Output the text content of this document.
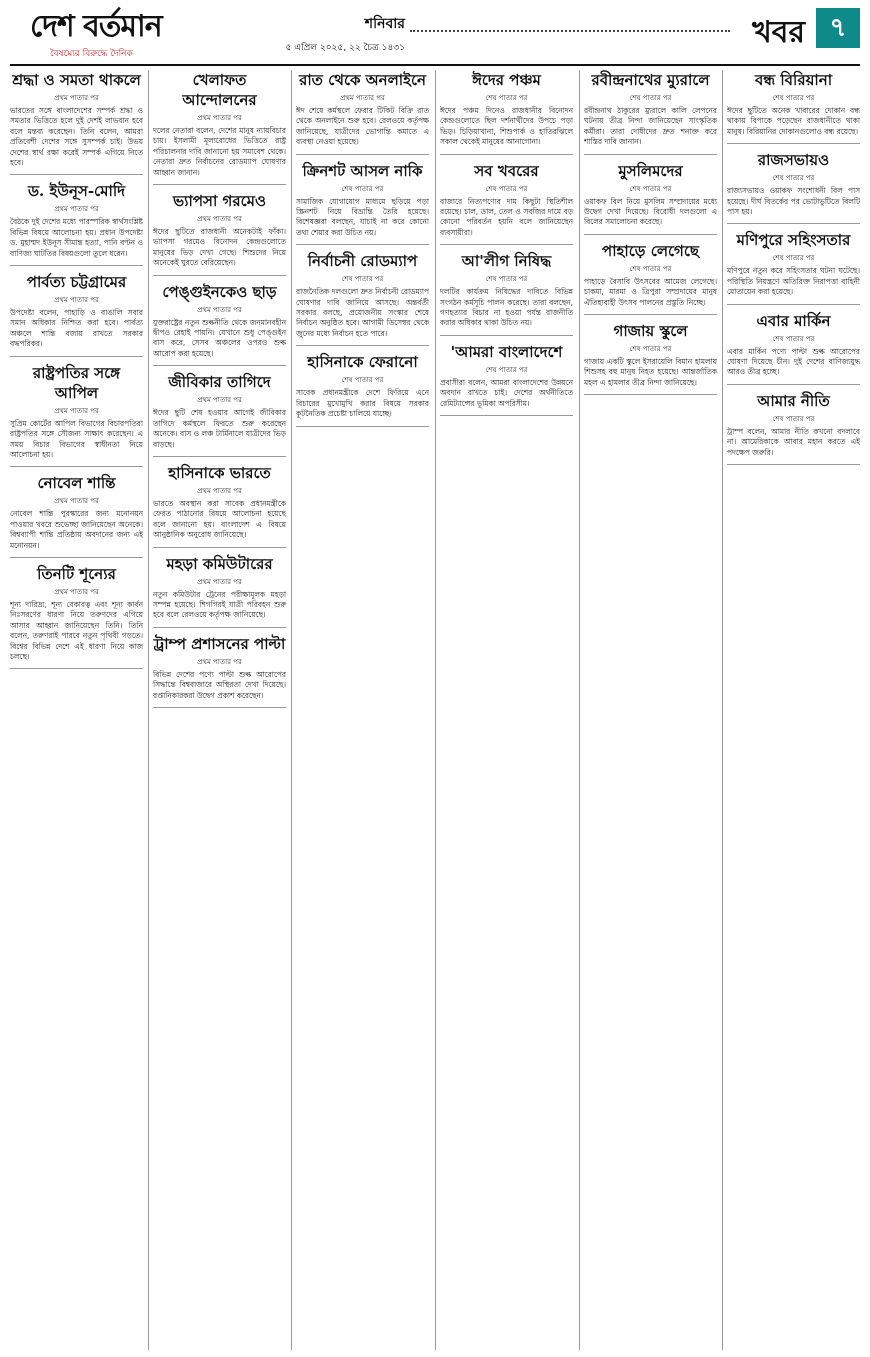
দেশ বর্তমান
বৈষম্যের বিরুদ্ধে দৈনিক
শনিবার
৫ এপ্রিল ২০২৫, ২২ চৈত্র ১৪৩১	খবর ৭
শ্রদ্ধা ও সমতা থাকলে
প্রথম পাতার পর
ভারতের সঙ্গে বাংলাদেশের সম্পর্ক শ্রদ্ধা ও সমতার ভিত্তিতে হলে দুই দেশই লাভবান হবে বলে মন্তব্য করেছেন। তিনি বলেন, আমরা প্রতিবেশী দেশের সঙ্গে সুসম্পর্ক চাই। উভয় দেশের স্বার্থ রক্ষা করেই সম্পর্ক এগিয়ে নিতে হবে।
ড. ইউনূস-মোদি
প্রথম পাতার পর
বৈঠকে দুই দেশের মধ্যে পারস্পরিক স্বার্থসংশ্লিষ্ট বিভিন্ন বিষয়ে আলোচনা হয়। প্রধান উপদেষ্টা ড. মুহাম্মদ ইউনূস সীমান্ত হত্যা, পানি বণ্টন ও বাণিজ্য ঘাটতির বিষয়গুলো তুলে ধরেন।
পার্বত্য চট্টগ্রামের
প্রথম পাতার পর
উপদেষ্টা বলেন, পাহাড়ি ও বাঙালি সবার সমান অধিকার নিশ্চিত করা হবে। পার্বত্য অঞ্চলে শান্তি বজায় রাখতে সরকার বদ্ধপরিকর।
রাষ্ট্রপতির সঙ্গে আপিল
প্রথম পাতার পর
সুপ্রিম কোর্টের আপিল বিভাগের বিচারপতিরা রাষ্ট্রপতির সঙ্গে সৌজন্য সাক্ষাৎ করেছেন। এ সময় বিচার বিভাগের স্বাধীনতা নিয়ে আলোচনা হয়।
নোবেল শান্তি
প্রথম পাতার পর
নোবেল শান্তি পুরস্কারের জন্য মনোনয়ন পাওয়ার খবরে শুভেচ্ছা জানিয়েছেন অনেকে। বিশ্বব্যাপী শান্তি প্রতিষ্ঠায় অবদানের জন্য এই মনোনয়ন।
তিনটি শূন্যের
প্রথম পাতার পর
শূন্য দারিদ্র্য, শূন্য বেকারত্ব এবং শূন্য কার্বন নিঃসরণের ধারণা নিয়ে তরুণদের এগিয়ে আসার আহ্বান জানিয়েছেন তিনি। তিনি বলেন, তরুণরাই পারবে নতুন পৃথিবী গড়তে। বিশ্বের বিভিন্ন দেশে এই ধারণা নিয়ে কাজ চলছে।
খেলাফত আন্দোলনের
প্রথম পাতার পর
দলের নেতারা বলেন, দেশের মানুষ ন্যায়বিচার চায়। ইসলামী মূল্যবোধের ভিত্তিতে রাষ্ট্র পরিচালনার দাবি জানানো হয় সমাবেশ থেকে। নেতারা দ্রুত নির্বাচনের রোডম্যাপ ঘোষণার আহ্বান জানান।
ভ্যাপসা গরমেও
প্রথম পাতার পর
ঈদের ছুটিতে রাজধানী অনেকটাই ফাঁকা। ভ্যাপসা গরমেও বিনোদন কেন্দ্রগুলোতে মানুষের ভিড় দেখা গেছে। শিশুদের নিয়ে অনেকেই ঘুরতে বেরিয়েছেন।
পেঙ্গুইনকেও ছাড়
প্রথম পাতার পর
যুক্তরাষ্ট্রের নতুন শুল্কনীতি থেকে জনমানবহীন দ্বীপও রেহাই পায়নি। যেখানে শুধু পেঙ্গুইন বাস করে, সেসব অঞ্চলের ওপরও শুল্ক আরোপ করা হয়েছে।
জীবিকার তাগিদে
প্রথম পাতার পর
ঈদের ছুটি শেষ হওয়ার আগেই জীবিকার তাগিদে কর্মস্থলে ফিরতে শুরু করেছেন অনেকে। বাস ও লঞ্চ টার্মিনালে যাত্রীদের ভিড় বাড়ছে।
হাসিনাকে ভারতে
প্রথম পাতার পর
ভারতে অবস্থান করা সাবেক প্রধানমন্ত্রীকে ফেরত পাঠানোর বিষয়ে আলোচনা হয়েছে বলে জানানো হয়। বাংলাদেশ এ বিষয়ে আনুষ্ঠানিক অনুরোধ জানিয়েছে।
মহড়া কমিউটারের
প্রথম পাতার পর
নতুন কমিউটার ট্রেনের পরীক্ষামূলক মহড়া সম্পন্ন হয়েছে। শিগগিরই যাত্রী পরিবহন শুরু হবে বলে রেলওয়ে কর্তৃপক্ষ জানিয়েছে।
ট্রাম্প প্রশাসনের পাল্টা
প্রথম পাতার পর
বিভিন্ন দেশের পণ্যে পাল্টা শুল্ক আরোপের সিদ্ধান্তে বিশ্ববাজারে অস্থিরতা দেখা দিয়েছে। রপ্তানিকারকরা উদ্বেগ প্রকাশ করেছেন।
রাত থেকে অনলাইনে
প্রথম পাতার পর
ঈদ শেষে কর্মস্থলে ফেরার টিকিট বিক্রি রাত থেকে অনলাইনে শুরু হবে। রেলওয়ে কর্তৃপক্ষ জানিয়েছে, যাত্রীদের ভোগান্তি কমাতে এ ব্যবস্থা নেওয়া হয়েছে।
ক্রিনশট আসল নাকি
শেষ পাতার পর
সামাজিক যোগাযোগ মাধ্যমে ছড়িয়ে পড়া স্ক্রিনশট নিয়ে বিভ্রান্তি তৈরি হয়েছে। বিশেষজ্ঞরা বলছেন, যাচাই না করে কোনো তথ্য শেয়ার করা উচিত নয়।
নির্বাচনী রোডম্যাপ
শেষ পাতার পর
রাজনৈতিক দলগুলো দ্রুত নির্বাচনী রোডম্যাপ ঘোষণার দাবি জানিয়ে আসছে। অন্তর্বর্তী সরকার বলছে, প্রয়োজনীয় সংস্কার শেষে নির্বাচন অনুষ্ঠিত হবে। আগামী ডিসেম্বর থেকে জুনের মধ্যে নির্বাচন হতে পারে।
হাসিনাকে ফেরানো
শেষ পাতার পর
সাবেক প্রধানমন্ত্রীকে দেশে ফিরিয়ে এনে বিচারের মুখোমুখি করার বিষয়ে সরকার কূটনৈতিক প্রচেষ্টা চালিয়ে যাচ্ছে।
ঈদের পঞ্চম
শেষ পাতার পর
ঈদের পঞ্চম দিনেও রাজধানীর বিনোদন কেন্দ্রগুলোতে ছিল দর্শনার্থীদের উপচে পড়া ভিড়। চিড়িয়াখানা, শিশুপার্ক ও হাতিরঝিলে সকাল থেকেই মানুষের আনাগোনা।
সব খবরের
শেষ পাতার পর
বাজারে নিত্যপণ্যের দাম কিছুটা স্থিতিশীল রয়েছে। চাল, ডাল, তেল ও সবজির দামে বড় কোনো পরিবর্তন হয়নি বলে জানিয়েছেন ব্যবসায়ীরা।
আ'লীগ নিষিদ্ধ
শেষ পাতার পর
দলটির কার্যক্রম নিষিদ্ধের দাবিতে বিভিন্ন সংগঠন কর্মসূচি পালন করেছে। তারা বলছেন, গণহত্যার বিচার না হওয়া পর্যন্ত রাজনীতি করার অধিকার থাকা উচিত নয়।
'আমরা বাংলাদেশে
শেষ পাতার পর
প্রবাসীরা বলেন, আমরা বাংলাদেশের উন্নয়নে অবদান রাখতে চাই। দেশের অর্থনীতিতে রেমিট্যান্সের ভূমিকা অপরিসীম।
রবীন্দ্রনাথের ম্যুরালে
শেষ পাতার পর
রবীন্দ্রনাথ ঠাকুরের ম্যুরালে কালি লেপনের ঘটনায় তীব্র নিন্দা জানিয়েছেন সাংস্কৃতিক কর্মীরা। তারা দোষীদের দ্রুত শনাক্ত করে শাস্তির দাবি জানান।
মুসলিমদের
শেষ পাতার পর
ওয়াকফ বিল নিয়ে মুসলিম সম্প্রদায়ের মধ্যে উদ্বেগ দেখা দিয়েছে। বিরোধী দলগুলো এ বিলের সমালোচনা করেছে।
পাহাড়ে লেগেছে
শেষ পাতার পর
পাহাড়ে বৈসাবি উৎসবের আমেজ লেগেছে। চাকমা, মারমা ও ত্রিপুরা সম্প্রদায়ের মানুষ ঐতিহ্যবাহী উৎসব পালনের প্রস্তুতি নিচ্ছে।
গাজায় স্কুলে
শেষ পাতার পর
গাজায় একটি স্কুলে ইসরায়েলি বিমান হামলায় শিশুসহ বহু মানুষ নিহত হয়েছে। আন্তর্জাতিক মহল এ হামলার তীব্র নিন্দা জানিয়েছে।
বন্ধ বিরিয়ানা
শেষ পাতার পর
ঈদের ছুটিতে অনেক খাবারের দোকান বন্ধ থাকায় বিপাকে পড়েছেন রাজধানীতে থাকা মানুষ। বিরিয়ানির দোকানগুলোও বন্ধ রয়েছে।
রাজসভায়ও
শেষ পাতার পর
রাজ্যসভায়ও ওয়াকফ সংশোধনী বিল পাস হয়েছে। দীর্ঘ বিতর্কের পর ভোটাভুটিতে বিলটি পাস হয়।
মণিপুরে সহিংসতার
শেষ পাতার পর
মণিপুরে নতুন করে সহিংসতার ঘটনা ঘটেছে। পরিস্থিতি নিয়ন্ত্রণে অতিরিক্ত নিরাপত্তা বাহিনী মোতায়েন করা হয়েছে।
এবার মার্কিন
শেষ পাতার পর
এবার মার্কিন পণ্যে পাল্টা শুল্ক আরোপের ঘোষণা দিয়েছে চীন। দুই দেশের বাণিজ্যযুদ্ধ আরও তীব্র হচ্ছে।
আমার নীতি
শেষ পাতার পর
ট্রাম্প বলেন, আমার নীতি কখনো বদলাবে না। আমেরিকাকে আবার মহান করতে এই পদক্ষেপ জরুরি।
